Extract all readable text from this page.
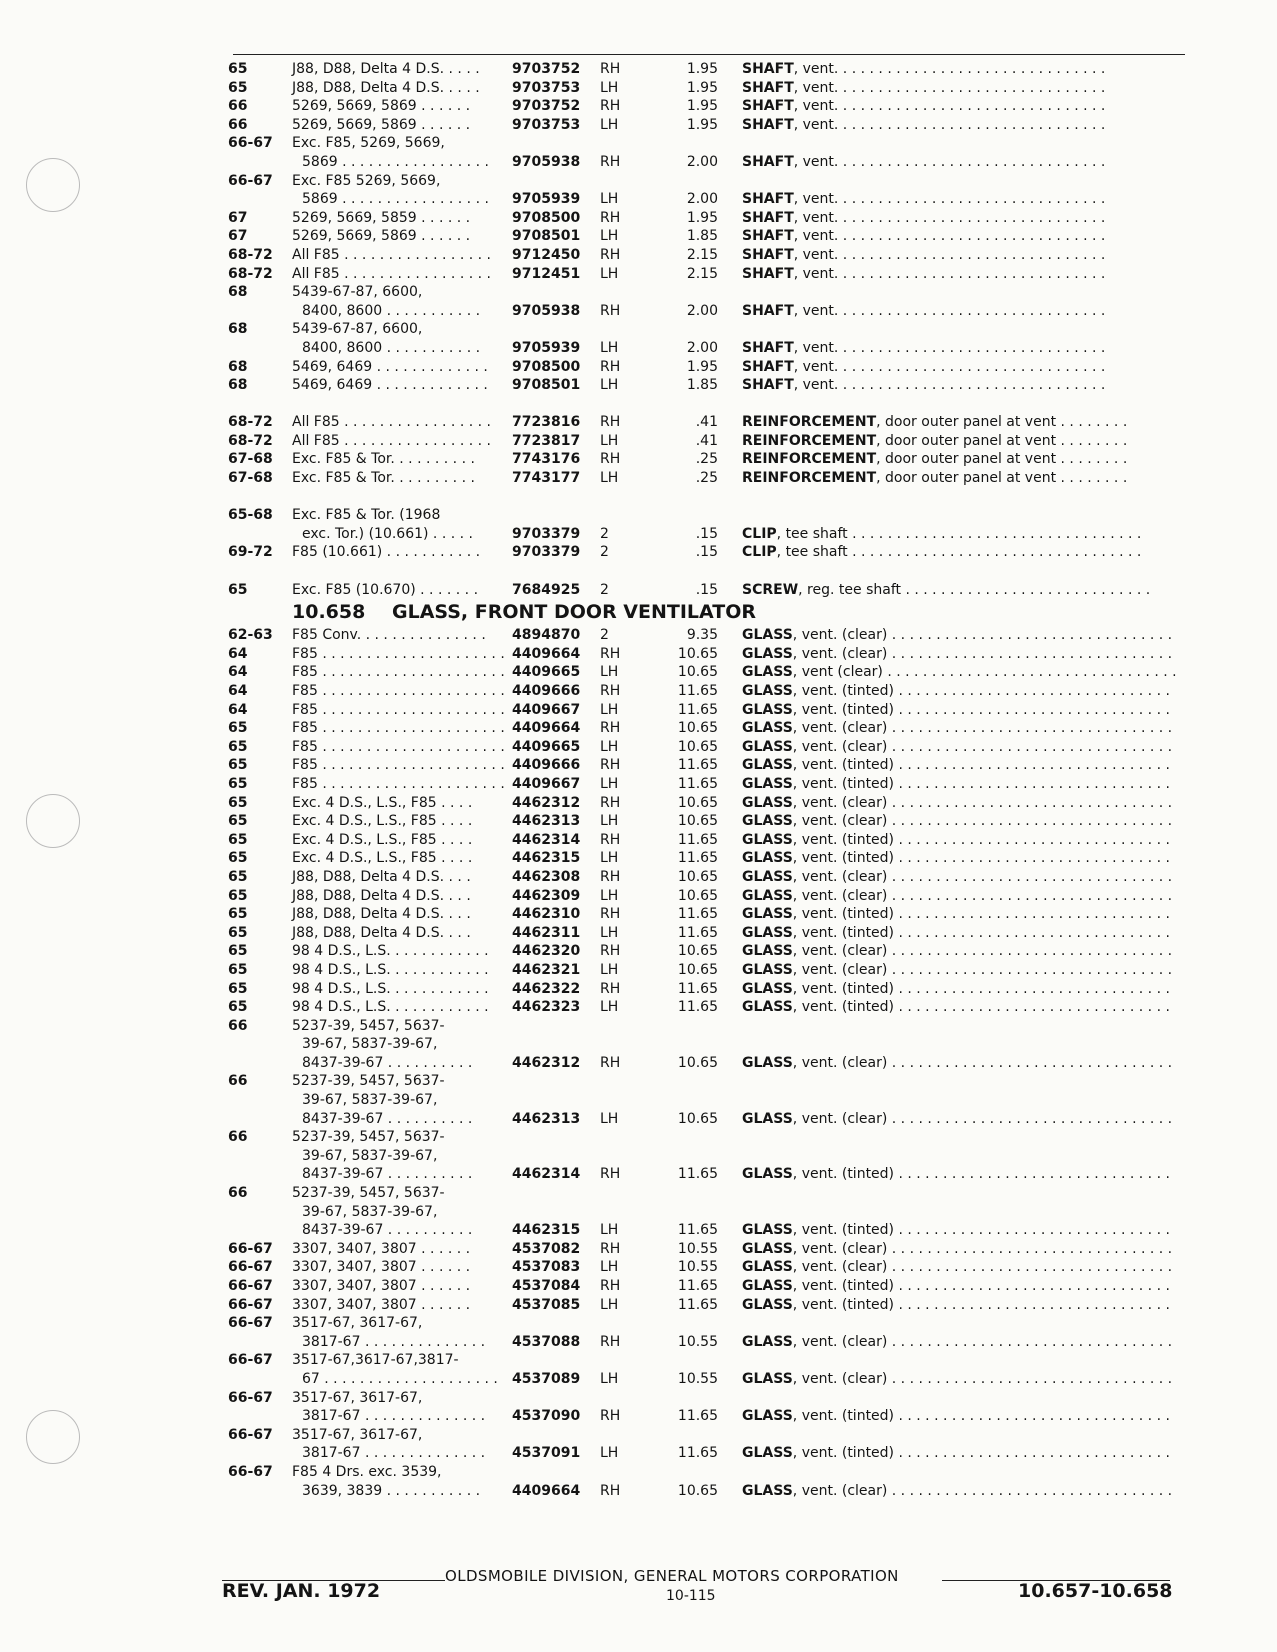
65	J88, D88, Delta 4 D.S. . . . . 9703752 RH	1.95 SHAFT, vent. . . . . . . . . . . . . . . . . . . . . . . . . . . . . . .
65	J88, D88, Delta 4 D.S. . . . . 9703753 LH	1.95 SHAFT, vent. . . . . . . . . . . . . . . . . . . . . . . . . . . . . . .
66	5269, 5669, 5869 . . . . . .	9703752 RH	1.95 SHAFT, vent. . . . . . . . . . . . . . . . . . . . . . . . . . . . . . .
66	5269, 5669, 5869 . . . . . .	9703753 LH	1.95 SHAFT, vent. . . . . . . . . . . . . . . . . . . . . . . . . . . . . . .
66-67 Exc. F85, 5269, 5669,
5869 . . . . . . . . . . . . . . . . . 9705938 RH	2.00 SHAFT, vent. . . . . . . . . . . . . . . . . . . . . . . . . . . . . . .
66-67 Exc. F85 5269, 5669,
5869 . . . . . . . . . . . . . . . . . 9705939 LH	2.00 SHAFT, vent. . . . . . . . . . . . . . . . . . . . . . . . . . . . . . .
67	5269, 5669, 5859 . . . . . .	9708500 RH	1.95 SHAFT, vent. . . . . . . . . . . . . . . . . . . . . . . . . . . . . . .
67	5269, 5669, 5869 . . . . . .	9708501 LH	1.85 SHAFT, vent. . . . . . . . . . . . . . . . . . . . . . . . . . . . . . .
68-72 All F85 . . . . . . . . . . . . . . . . . 9712450 RH	2.15 SHAFT, vent. . . . . . . . . . . . . . . . . . . . . . . . . . . . . . .
68-72 All F85 . . . . . . . . . . . . . . . . . 9712451 LH	2.15 SHAFT, vent. . . . . . . . . . . . . . . . . . . . . . . . . . . . . . .
68	5439-67-87, 6600,
8400, 8600 . . . . . . . . . . . 9705938 RH	2.00 SHAFT, vent. . . . . . . . . . . . . . . . . . . . . . . . . . . . . . .
68	5439-67-87, 6600,
8400, 8600 . . . . . . . . . . . 9705939 LH	2.00 SHAFT, vent. . . . . . . . . . . . . . . . . . . . . . . . . . . . . . .
68	5469, 6469 . . . . . . . . . . . . . 9708500 RH	1.95 SHAFT, vent. . . . . . . . . . . . . . . . . . . . . . . . . . . . . . .
68	5469, 6469 . . . . . . . . . . . . . 9708501 LH	1.85 SHAFT, vent. . . . . . . . . . . . . . . . . . . . . . . . . . . . . . .
68-72 All F85 . . . . . . . . . . . . . . . . . 7723816 RH	.41 REINFORCEMENT, door outer panel at vent . . . . . . . .
68-72 All F85 . . . . . . . . . . . . . . . . . 7723817 LH	.41 REINFORCEMENT, door outer panel at vent . . . . . . . .
67-68 Exc. F85 & Tor. . . . . . . . . .	7743176 RH	.25 REINFORCEMENT, door outer panel at vent . . . . . . . .
67-68 Exc. F85 & Tor. . . . . . . . . .	7743177 LH	.25 REINFORCEMENT, door outer panel at vent . . . . . . . .
65-68 Exc. F85 & Tor. (1968
exc. Tor.) (10.661) . . . . .	9703379 2	.15 CLIP, tee shaft . . . . . . . . . . . . . . . . . . . . . . . . . . . . . . . . .
69-72 F85 (10.661) . . . . . . . . . . . 9703379 2	.15 CLIP, tee shaft . . . . . . . . . . . . . . . . . . . . . . . . . . . . . . . . .
65	Exc. F85 (10.670) . . . . . . . 7684925 2	.15 SCREW, reg. tee shaft . . . . . . . . . . . . . . . . . . . . . . . . . . . .
10.658 GLASS, FRONT DOOR VENTILATOR
62-63 F85 Conv. . . . . . . . . . . . . . . 4894870 2	9.35 GLASS, vent. (clear) . . . . . . . . . . . . . . . . . . . . . . . . . . . . . . . .
64	F85 . . . . . . . . . . . . . . . . . . . . . 4409664 RH	10.65 GLASS, vent. (clear) . . . . . . . . . . . . . . . . . . . . . . . . . . . . . . . .
64	F85 . . . . . . . . . . . . . . . . . . . . . 4409665 LH	10.65 GLASS, vent (clear) . . . . . . . . . . . . . . . . . . . . . . . . . . . . . . . . .
64	F85 . . . . . . . . . . . . . . . . . . . . . 4409666 RH	11.65 GLASS, vent. (tinted) . . . . . . . . . . . . . . . . . . . . . . . . . . . . . . .
64	F85 . . . . . . . . . . . . . . . . . . . . . 4409667 LH	11.65 GLASS, vent. (tinted) . . . . . . . . . . . . . . . . . . . . . . . . . . . . . . .
65	F85 . . . . . . . . . . . . . . . . . . . . . 4409664 RH	10.65 GLASS, vent. (clear) . . . . . . . . . . . . . . . . . . . . . . . . . . . . . . . .
65	F85 . . . . . . . . . . . . . . . . . . . . . 4409665 LH	10.65 GLASS, vent. (clear) . . . . . . . . . . . . . . . . . . . . . . . . . . . . . . . .
65	F85 . . . . . . . . . . . . . . . . . . . . . 4409666 RH	11.65 GLASS, vent. (tinted) . . . . . . . . . . . . . . . . . . . . . . . . . . . . . . .
65	F85 . . . . . . . . . . . . . . . . . . . . . 4409667 LH	11.65 GLASS, vent. (tinted) . . . . . . . . . . . . . . . . . . . . . . . . . . . . . . .
65	Exc. 4 D.S., L.S., F85 . . . .	4462312 RH	10.65 GLASS, vent. (clear) . . . . . . . . . . . . . . . . . . . . . . . . . . . . . . . .
65	Exc. 4 D.S., L.S., F85 . . . .	4462313 LH	10.65 GLASS, vent. (clear) . . . . . . . . . . . . . . . . . . . . . . . . . . . . . . . .
65	Exc. 4 D.S., L.S., F85 . . . .	4462314 RH	11.65 GLASS, vent. (tinted) . . . . . . . . . . . . . . . . . . . . . . . . . . . . . . .
65	Exc. 4 D.S., L.S., F85 . . . .	4462315 LH	11.65 GLASS, vent. (tinted) . . . . . . . . . . . . . . . . . . . . . . . . . . . . . . .
65	J88, D88, Delta 4 D.S. . . .	4462308 RH	10.65 GLASS, vent. (clear) . . . . . . . . . . . . . . . . . . . . . . . . . . . . . . . .
65	J88, D88, Delta 4 D.S. . . .	4462309 LH	10.65 GLASS, vent. (clear) . . . . . . . . . . . . . . . . . . . . . . . . . . . . . . . .
65	J88, D88, Delta 4 D.S. . . .	4462310 RH	11.65 GLASS, vent. (tinted) . . . . . . . . . . . . . . . . . . . . . . . . . . . . . . .
65	J88, D88, Delta 4 D.S. . . .	4462311 LH	11.65 GLASS, vent. (tinted) . . . . . . . . . . . . . . . . . . . . . . . . . . . . . . .
65	98 4 D.S., L.S. . . . . . . . . . . . 4462320 RH	10.65 GLASS, vent. (clear) . . . . . . . . . . . . . . . . . . . . . . . . . . . . . . . .
65	98 4 D.S., L.S. . . . . . . . . . . . 4462321 LH	10.65 GLASS, vent. (clear) . . . . . . . . . . . . . . . . . . . . . . . . . . . . . . . .
65	98 4 D.S., L.S. . . . . . . . . . . . 4462322 RH	11.65 GLASS, vent. (tinted) . . . . . . . . . . . . . . . . . . . . . . . . . . . . . . .
65	98 4 D.S., L.S. . . . . . . . . . . . 4462323 LH	11.65 GLASS, vent. (tinted) . . . . . . . . . . . . . . . . . . . . . . . . . . . . . . .
66	5237-39, 5457, 5637-
39-67, 5837-39-67,
8437-39-67 . . . . . . . . . .	4462312 RH	10.65 GLASS, vent. (clear) . . . . . . . . . . . . . . . . . . . . . . . . . . . . . . . .
66	5237-39, 5457, 5637-
39-67, 5837-39-67,
8437-39-67 . . . . . . . . . .	4462313 LH	10.65 GLASS, vent. (clear) . . . . . . . . . . . . . . . . . . . . . . . . . . . . . . . .
66	5237-39, 5457, 5637-
39-67, 5837-39-67,
8437-39-67 . . . . . . . . . .	4462314 RH	11.65 GLASS, vent. (tinted) . . . . . . . . . . . . . . . . . . . . . . . . . . . . . . .
66	5237-39, 5457, 5637-
39-67, 5837-39-67,
8437-39-67 . . . . . . . . . .	4462315 LH	11.65 GLASS, vent. (tinted) . . . . . . . . . . . . . . . . . . . . . . . . . . . . . . .
66-67 3307, 3407, 3807 . . . . . .	4537082 RH	10.55 GLASS, vent. (clear) . . . . . . . . . . . . . . . . . . . . . . . . . . . . . . . .
66-67 3307, 3407, 3807 . . . . . .	4537083 LH	10.55 GLASS, vent. (clear) . . . . . . . . . . . . . . . . . . . . . . . . . . . . . . . .
66-67 3307, 3407, 3807 . . . . . .	4537084 RH	11.65 GLASS, vent. (tinted) . . . . . . . . . . . . . . . . . . . . . . . . . . . . . . .
66-67 3307, 3407, 3807 . . . . . .	4537085 LH	11.65 GLASS, vent. (tinted) . . . . . . . . . . . . . . . . . . . . . . . . . . . . . . .
66-67 3517-67, 3617-67,
3817-67 . . . . . . . . . . . . . . 4537088 RH	10.55 GLASS, vent. (clear) . . . . . . . . . . . . . . . . . . . . . . . . . . . . . . . .
66-67 3517-67,3617-67,3817-
67 . . . . . . . . . . . . . . . . . . . . 4537089 LH	10.55 GLASS, vent. (clear) . . . . . . . . . . . . . . . . . . . . . . . . . . . . . . . .
66-67 3517-67, 3617-67,
3817-67 . . . . . . . . . . . . . . 4537090 RH	11.65 GLASS, vent. (tinted) . . . . . . . . . . . . . . . . . . . . . . . . . . . . . . .
66-67 3517-67, 3617-67,
3817-67 . . . . . . . . . . . . . . 4537091 LH	11.65 GLASS, vent. (tinted) . . . . . . . . . . . . . . . . . . . . . . . . . . . . . . .
66-67 F85 4 Drs. exc. 3539,
3639, 3839 . . . . . . . . . . . 4409664 RH	10.65 GLASS, vent. (clear) . . . . . . . . . . . . . . . . . . . . . . . . . . . . . . . .
OLDSMOBILE DIVISION, GENERAL MOTORS CORPORATION
REV. JAN. 1972	10-115	10.657-10.658
